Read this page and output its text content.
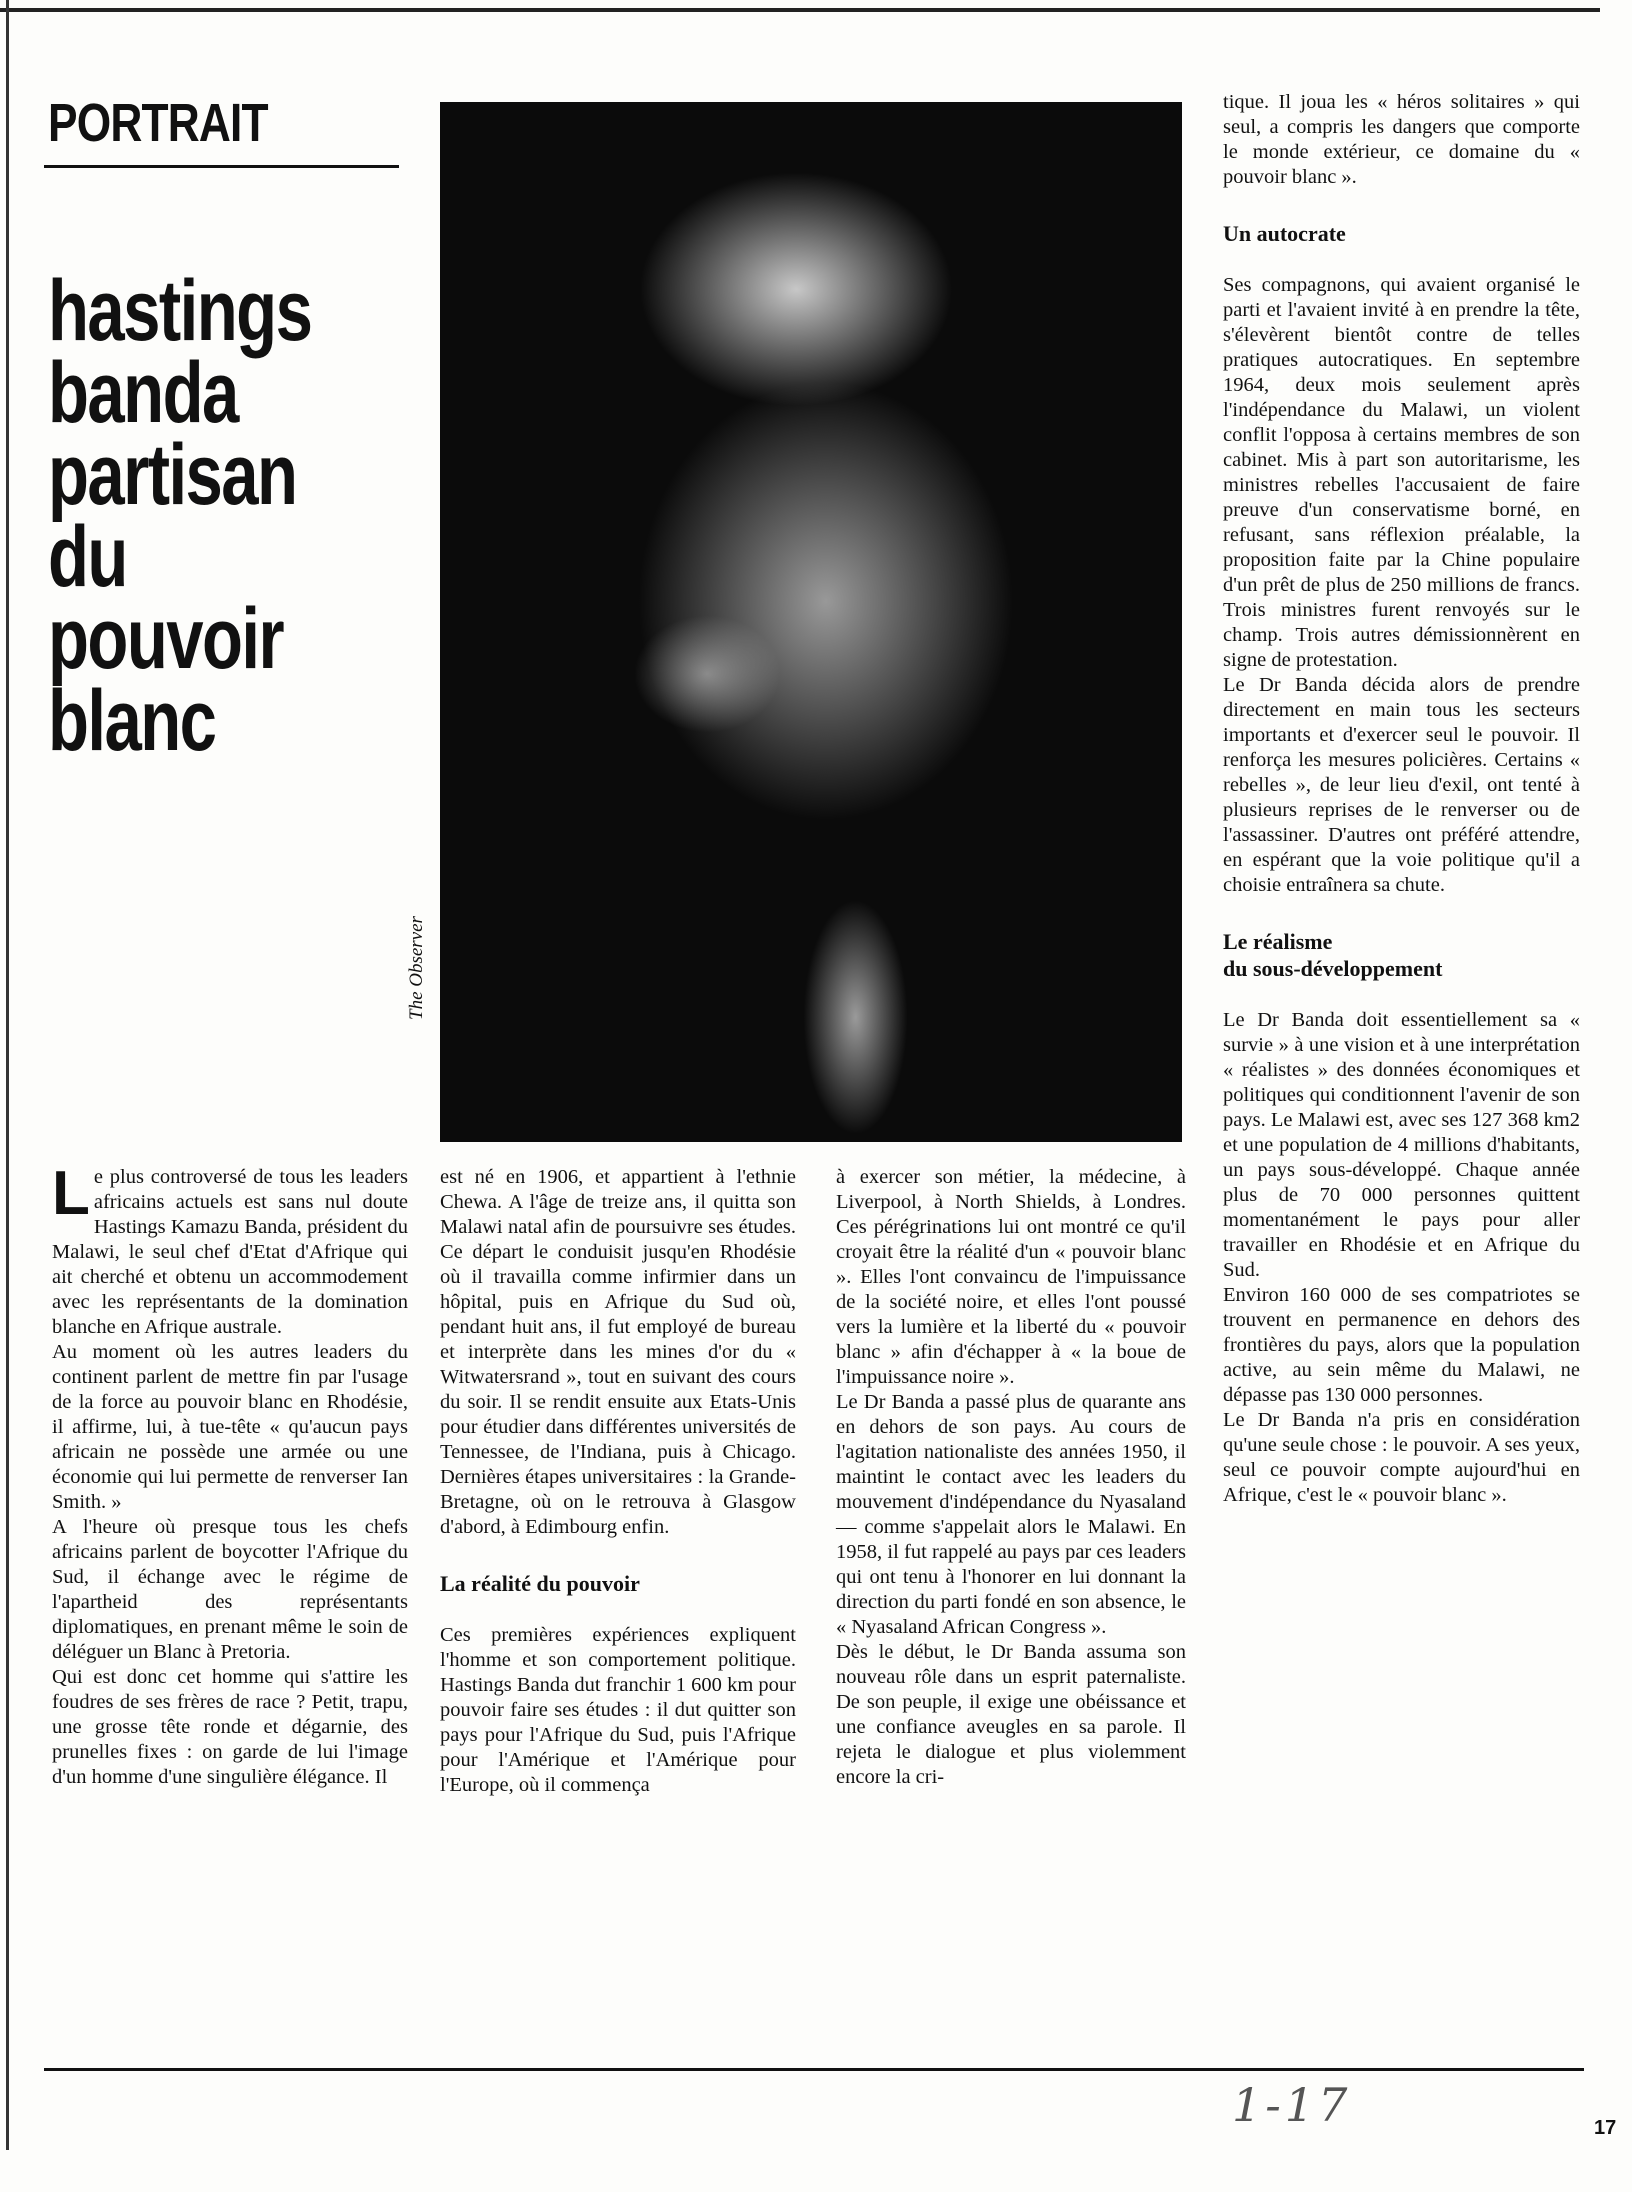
PORTRAIT
hastings
banda
partisan
du
pouvoir
blanc
The Observer

Le plus controversé de tous les leaders africains actuels est sans nul doute Hastings Kamazu Banda, président du Malawi, le seul chef d'Etat d'Afrique qui ait cherché et obtenu un accommodement avec les représentants de la domination blanche en Afrique australe.

Au moment où les autres leaders du continent parlent de mettre fin par l'usage de la force au pouvoir blanc en Rhodésie, il affirme, lui, à tue-tête « qu'aucun pays africain ne possède une armée ou une économie qui lui permette de renverser Ian Smith. »

A l'heure où presque tous les chefs africains parlent de boycotter l'Afrique du Sud, il échange avec le régime de l'apartheid des représentants diplomatiques, en prenant même le soin de déléguer un Blanc à Pretoria.

Qui est donc cet homme qui s'attire les foudres de ses frères de race ? Petit, trapu, une grosse tête ronde et dégarnie, des prunelles fixes : on garde de lui l'image d'un homme d'une singulière élégance. Il

est né en 1906, et appartient à l'ethnie Chewa. A l'âge de treize ans, il quitta son Malawi natal afin de poursuivre ses études. Ce départ le conduisit jusqu'en Rhodésie où il travailla comme infirmier dans un hôpital, puis en Afrique du Sud où, pendant huit ans, il fut employé de bureau et interprète dans les mines d'or du « Witwatersrand », tout en suivant des cours du soir. Il se rendit ensuite aux Etats-Unis pour étudier dans différentes universités de Tennessee, de l'Indiana, puis à Chicago. Dernières étapes universitaires : la Grande-Bretagne, où on le retrouva à Glasgow d'abord, à Edimbourg enfin.

La réalité du pouvoir

Ces premières expériences expliquent l'homme et son comportement politique. Hastings Banda dut franchir 1 600 km pour pouvoir faire ses études : il dut quitter son pays pour l'Afrique du Sud, puis l'Afrique pour l'Amérique et l'Amérique pour l'Europe, où il commença

à exercer son métier, la médecine, à Liverpool, à North Shields, à Londres. Ces pérégrinations lui ont montré ce qu'il croyait être la réalité d'un « pouvoir blanc ». Elles l'ont convaincu de l'impuissance de la société noire, et elles l'ont poussé vers la lumière et la liberté du « pouvoir blanc » afin d'échapper à « la boue de l'impuissance noire ».

Le Dr Banda a passé plus de quarante ans en dehors de son pays. Au cours de l'agitation nationaliste des années 1950, il maintint le contact avec les leaders du mouvement d'indépendance du Nyasaland — comme s'appelait alors le Malawi. En 1958, il fut rappelé au pays par ces leaders qui ont tenu à l'honorer en lui donnant la direction du parti fondé en son absence, le « Nyasaland African Congress ».

Dès le début, le Dr Banda assuma son nouveau rôle dans un esprit paternaliste. De son peuple, il exige une obéissance et une confiance aveugles en sa parole. Il rejeta le dialogue et plus violemment encore la cri-

tique. Il joua les « héros solitaires » qui seul, a compris les dangers que comporte le monde extérieur, ce domaine du « pouvoir blanc ».

Un autocrate

Ses compagnons, qui avaient organisé le parti et l'avaient invité à en prendre la tête, s'élevèrent bientôt contre de telles pratiques autocratiques. En septembre 1964, deux mois seulement après l'indépendance du Malawi, un violent conflit l'opposa à certains membres de son cabinet. Mis à part son autoritarisme, les ministres rebelles l'accusaient de faire preuve d'un conservatisme borné, en refusant, sans réflexion préalable, la proposition faite par la Chine populaire d'un prêt de plus de 250 millions de francs. Trois ministres furent renvoyés sur le champ. Trois autres démissionnèrent en signe de protestation.

Le Dr Banda décida alors de prendre directement en main tous les secteurs importants et d'exercer seul le pouvoir. Il renforça les mesures policières. Certains « rebelles », de leur lieu d'exil, ont tenté à plusieurs reprises de le renverser ou de l'assassiner. D'autres ont préféré attendre, en espérant que la voie politique qu'il a choisie entraînera sa chute.

Le réalisme
du sous-développement

Le Dr Banda doit essentiellement sa « survie » à une vision et à une interprétation « réalistes » des données économiques et politiques qui conditionnent l'avenir de son pays. Le Malawi est, avec ses 127 368 km2 et une population de 4 millions d'habitants, un pays sous-développé. Chaque année plus de 70 000 personnes quittent momentanément le pays pour aller travailler en Rhodésie et en Afrique du Sud.

Environ 160 000 de ses compatriotes se trouvent en permanence en dehors des frontières du pays, alors que la population active, au sein même du Malawi, ne dépasse pas 130 000 personnes.

Le Dr Banda n'a pris en considération qu'une seule chose : le pouvoir. A ses yeux, seul ce pouvoir compte aujourd'hui en Afrique, c'est le « pouvoir blanc ».

1-17	17
